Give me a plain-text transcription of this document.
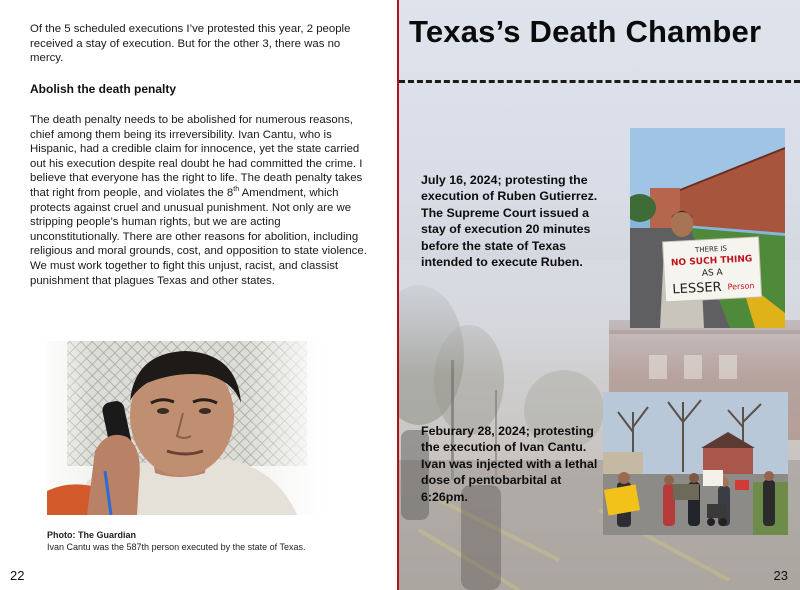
Of the 5 scheduled executions I’ve protested this year, 2 people received a stay of execution. But for the other 3, there was no mercy.

Abolish the death penalty

The death penalty needs to be abolished for numerous reasons, chief among them being its irreversibility. Ivan Cantu, who is Hispanic, had a credible claim for innocence, yet the state carried out his execution despite real doubt he had committed the crime. I believe that everyone has the right to life. The death penalty takes that right from people, and violates the 8th Amendment, which protects against cruel and unusual punishment. Not only are we stripping people’s human rights, but we are acting unconstitutionally. There are other reasons for abolition, including religious and moral grounds, cost, and opposition to state violence. We must work together to fight this unjust, racist, and classist punishment that plagues Texas and other states.

Photo: The Guardian
Ivan Cantu was the 587th person executed by the state of Texas.
22
Texas’s Death Chamber

July 16, 2024; protesting the execution of Ruben Gutierrez. The Supreme Court issued a stay of execution 20 minutes before the state of Texas intended to execute Ruben.

THERE IS
NO SUCH THING
AS A
LESSER Person

Feburary 28, 2024; protesting the execution of Ivan Cantu. Ivan was injected with a lethal dose of pentobarbital at 6:26pm.

23
